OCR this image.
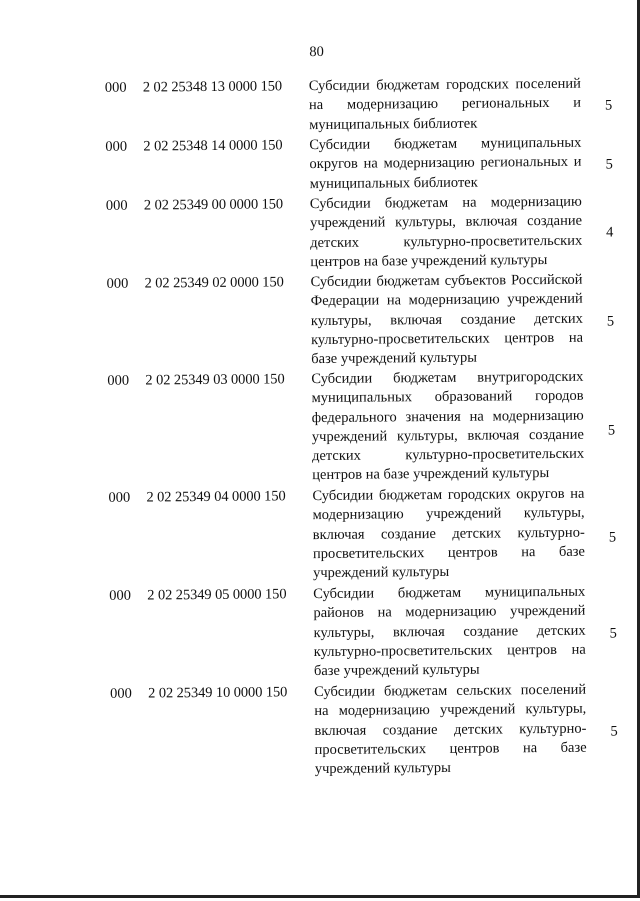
80
000 2 02 25348 13 0000 150 Субсидии бюджетам городских поселений на модернизацию региональных и муниципальных библиотек
5
000 2 02 25348 14 0000 150 Субсидии бюджетам муниципальных округов на модернизацию региональных и муниципальных библиотек
5
000 2 02 25349 00 0000 150 Субсидии бюджетам на модернизацию учреждений культуры, включая создание детских культурно-просветительских центров на базе учреждений культуры
4
000 2 02 25349 02 0000 150 Субсидии бюджетам субъектов Российской Федерации на модернизацию учреждений культуры, включая создание детских культурно-просветительских центров на базе учреждений культуры
5
000 2 02 25349 03 0000 150 Субсидии бюджетам внутригородских муниципальных образований городов федерального значения на модернизацию учреждений культуры, включая создание детских культурно-просветительских центров на базе учреждений культуры
5
000 2 02 25349 04 0000 150 Субсидии бюджетам городских округов на модернизацию учреждений культуры, включая создание детских культурно-просветительских центров на базе учреждений культуры
5
000 2 02 25349 05 0000 150 Субсидии бюджетам муниципальных районов на модернизацию учреждений культуры, включая создание детских культурно-просветительских центров на базе учреждений культуры
5
000 2 02 25349 10 0000 150 Субсидии бюджетам сельских поселений на модернизацию учреждений культуры, включая создание детских культурно-просветительских центров на базе учреждений культуры
5
